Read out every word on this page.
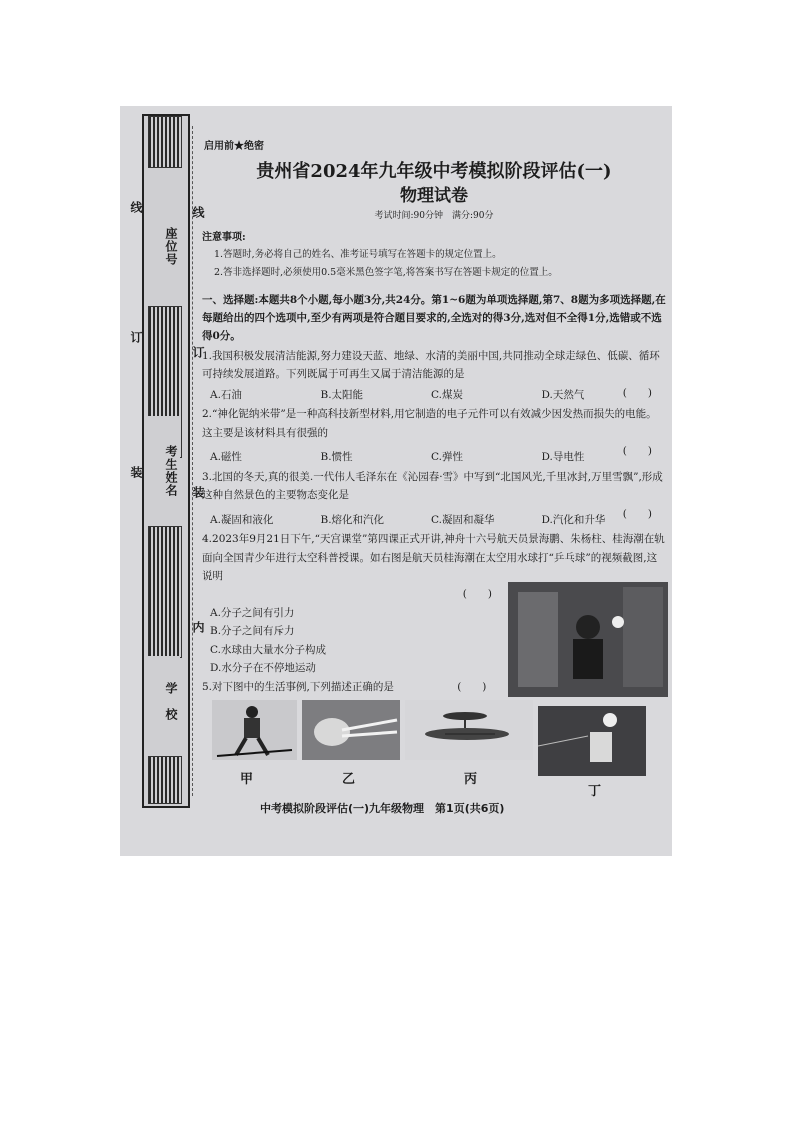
座位号
考生姓名
学　校
线	线
订
订
装
装
内
启用前★绝密
贵州省2024年九年级中考模拟阶段评估(一)
物理试卷
考试时间:90分钟　满分:90分
注意事项:
1.答题时,务必将自己的姓名、准考证号填写在答题卡的规定位置上。
2.答非选择题时,必须使用0.5毫米黑色签字笔,将答案书写在答题卡规定的位置上。
一、选择题:本题共8个小题,每小题3分,共24分。第1~6题为单项选择题,第7、8题为多项选择题,在每题给出的四个选项中,至少有两项是符合题目要求的,全选对的得3分,选对但不全得1分,选错或不选得0分。
1.我国积极发展清洁能源,努力建设天蓝、地绿、水清的美丽中国,共同推动全球走绿色、低碳、循环可持续发展道路。下列既属于可再生又属于清洁能源的是
(　　)
A.石油	B.太阳能	C.煤炭	D.天然气
2.“神化铌纳米带”是一种高科技新型材料,用它制造的电子元件可以有效减少因发热而损失的电能。这主要是该材料具有很强的
(　　)
A.磁性	B.惯性	C.弹性	D.导电性
3.北国的冬天,真的很美.一代伟人毛泽东在《沁园春·雪》中写到“北国风光,千里冰封,万里雪飘”,形成这种自然景色的主要物态变化是
(　　)
A.凝固和液化	B.熔化和汽化	C.凝固和凝华	D.汽化和升华
4.2023年9月21日下午,“天宫课堂”第四课正式开讲,神舟十六号航天员景海鹏、朱杨柱、桂海潮在轨面向全国青少年进行太空科普授课。如右图是航天员桂海潮在太空用水球打“乒乓球”的视频截图,这说明
(　　)
A.分子之间有引力
B.分子之间有斥力
C.水球由大量水分子构成
D.水分子在不停地运动
5.对下图中的生活事例,下列描述正确的是	(　　)
甲	乙	丙
丁
中考模拟阶段评估(一)九年级物理　第1页(共6页)
